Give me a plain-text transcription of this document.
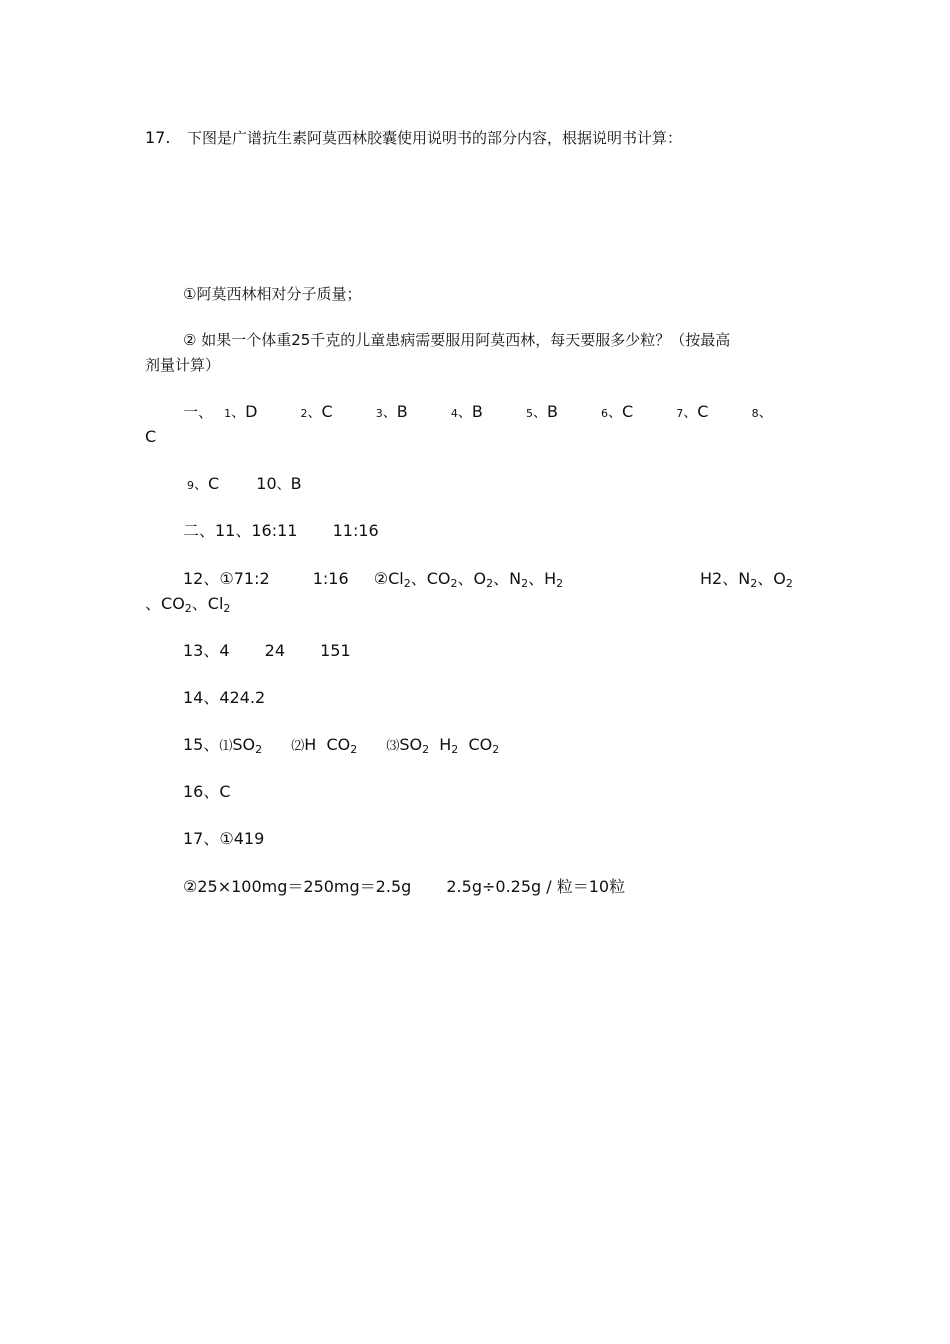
17. 下图是广谱抗生素阿莫西林胶囊使用说明书的部分内容，根据说明书计算：
①阿莫西林相对分子质量；
② 如果一个体重25千克的儿童患病需要服用阿莫西林，每天要服多少粒？（按最高
剂量计算）
一、 1、D	2、C	3、B	4、B	5、B	6、C	7、C	8、
C
9、C 10、B
二、11、16:11 11:16
12、①71:2	1:16 $②Cl_2$、$CO_2$、$O_2$、$N_2$、$H_2$	H2、$N_2$、$O_2$
、$CO_2$、$Cl_2$
13、4 24 151
14、424.2
15、$⑴SO_2$ ⑵H $CO_2$ $⑶SO_2$ $H_2$ $CO_2$
16、C
17、①419
②25×100mg＝250mg＝2.5g 2.5g÷0.25g / 粒＝10粒
